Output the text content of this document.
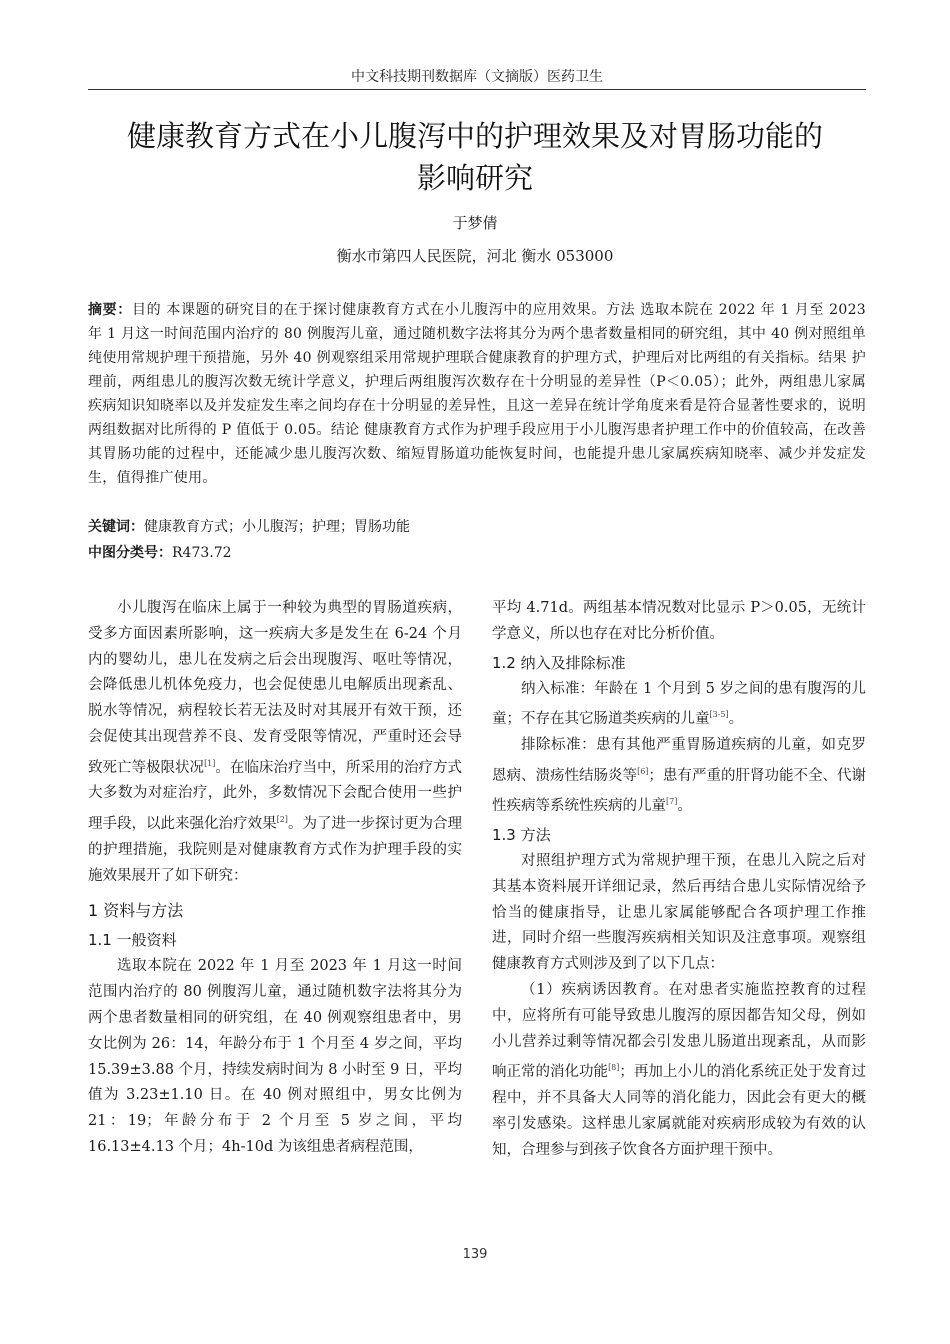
中文科技期刊数据库（文摘版）医药卫生
健康教育方式在小儿腹泻中的护理效果及对胃肠功能的
影响研究
于梦倩
衡水市第四人民医院，河北 衡水 053000
摘要：目的 本课题的研究目的在于探讨健康教育方式在小儿腹泻中的应用效果。方法 选取本院在 2022 年 1 月至 2023 年 1 月这一时间范围内治疗的 80 例腹泻儿童，通过随机数字法将其分为两个患者数量相同的研究组，其中 40 例对照组单纯使用常规护理干预措施，另外 40 例观察组采用常规护理联合健康教育的护理方式，护理后对比两组的有关指标。结果 护理前，两组患儿的腹泻次数无统计学意义，护理后两组腹泻次数存在十分明显的差异性（P＜0.05）；此外，两组患儿家属疾病知识知晓率以及并发症发生率之间均存在十分明显的差异性，且这一差异在统计学角度来看是符合显著性要求的，说明两组数据对比所得的 P 值低于 0.05。结论 健康教育方式作为护理手段应用于小儿腹泻患者护理工作中的价值较高，在改善其胃肠功能的过程中，还能减少患儿腹泻次数、缩短胃肠道功能恢复时间，也能提升患儿家属疾病知晓率、减少并发症发生，值得推广使用。
关键词：健康教育方式；小儿腹泻；护理；胃肠功能
中图分类号：R473.72

小儿腹泻在临床上属于一种较为典型的胃肠道疾病，受多方面因素所影响，这一疾病大多是发生在 6-24 个月内的婴幼儿，患儿在发病之后会出现腹泻、呕吐等情况，会降低患儿机体免疫力，也会促使患儿电解质出现紊乱、脱水等情况，病程较长若无法及时对其展开有效干预，还会促使其出现营养不良、发育受限等情况，严重时还会导致死亡等极限状况[1]。在临床治疗当中，所采用的治疗方式大多数为对症治疗，此外，多数情况下会配合使用一些护理手段，以此来强化治疗效果[2]。为了进一步探讨更为合理的护理措施，我院则是对健康教育方式作为护理手段的实施效果展开了如下研究：

1 资料与方法
1.1 一般资料

选取本院在 2022 年 1 月至 2023 年 1 月这一时间范围内治疗的 80 例腹泻儿童，通过随机数字法将其分为两个患者数量相同的研究组，在 40 例观察组患者中，男女比例为 26：14，年龄分布于 1 个月至 4 岁之间，平均 15.39±3.88 个月，持续发病时间为 8 小时至 9 日，平均值为 3.23±1.10 日。在 40 例对照组中，男女比例为 21：19；年龄分布于 2 个月至 5 岁之间，平均 16.13±4.13 个月；4h-10d 为该组患者病程范围，

平均 4.71d。两组基本情况数对比显示 P＞0.05，无统计学意义，所以也存在对比分析价值。

1.2 纳入及排除标准

纳入标准：年龄在 1 个月到 5 岁之间的患有腹泻的儿童；不存在其它肠道类疾病的儿童[3-5]。

排除标准：患有其他严重胃肠道疾病的儿童，如克罗恩病、溃疡性结肠炎等[6]；患有严重的肝肾功能不全、代谢性疾病等系统性疾病的儿童[7]。

1.3 方法

对照组护理方式为常规护理干预，在患儿入院之后对其基本资料展开详细记录，然后再结合患儿实际情况给予恰当的健康指导，让患儿家属能够配合各项护理工作推进，同时介绍一些腹泻疾病相关知识及注意事项。观察组健康教育方式则涉及到了以下几点：

（1）疾病诱因教育。在对患者实施监控教育的过程中，应将所有可能导致患儿腹泻的原因都告知父母，例如小儿营养过剩等情况都会引发患儿肠道出现紊乱，从而影响正常的消化功能[8]；再加上小儿的消化系统正处于发育过程中，并不具备大人同等的消化能力，因此会有更大的概率引发感染。这样患儿家属就能对疾病形成较为有效的认知，合理参与到孩子饮食各方面护理干预中。

139
